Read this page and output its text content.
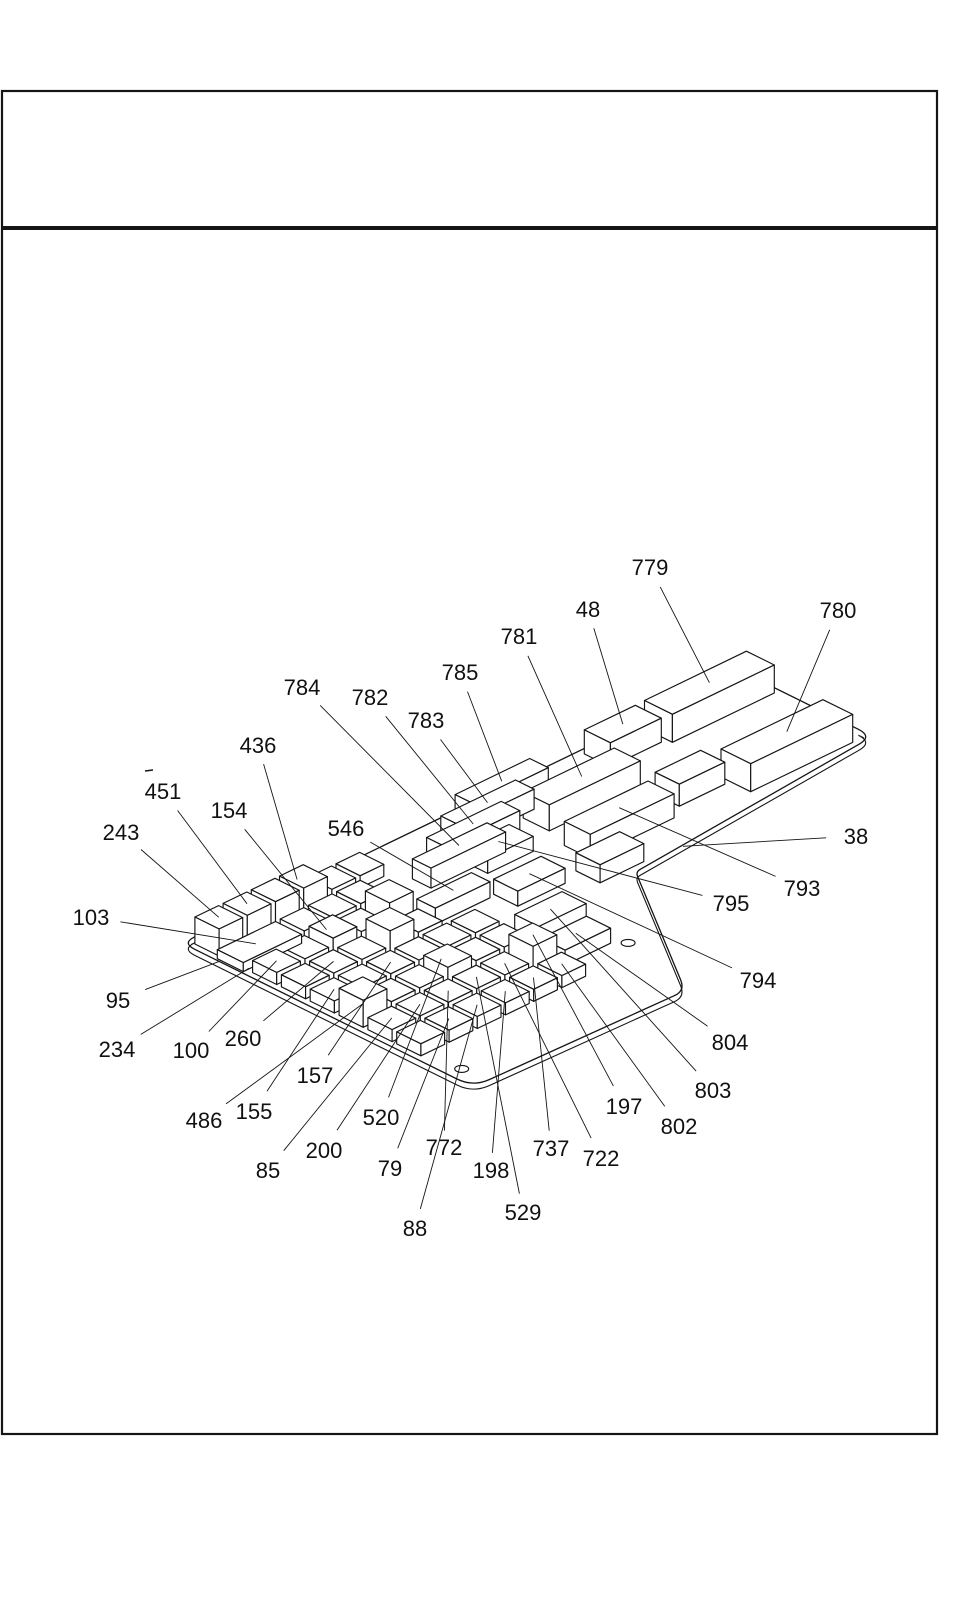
779
48	780
781
785
784 782
783
436
451
154
546
243
103
38
793
795
95
794
234 100 260	804
157
803
197
486 155
802
520
85
200
79
772	737 722
198
529
88
